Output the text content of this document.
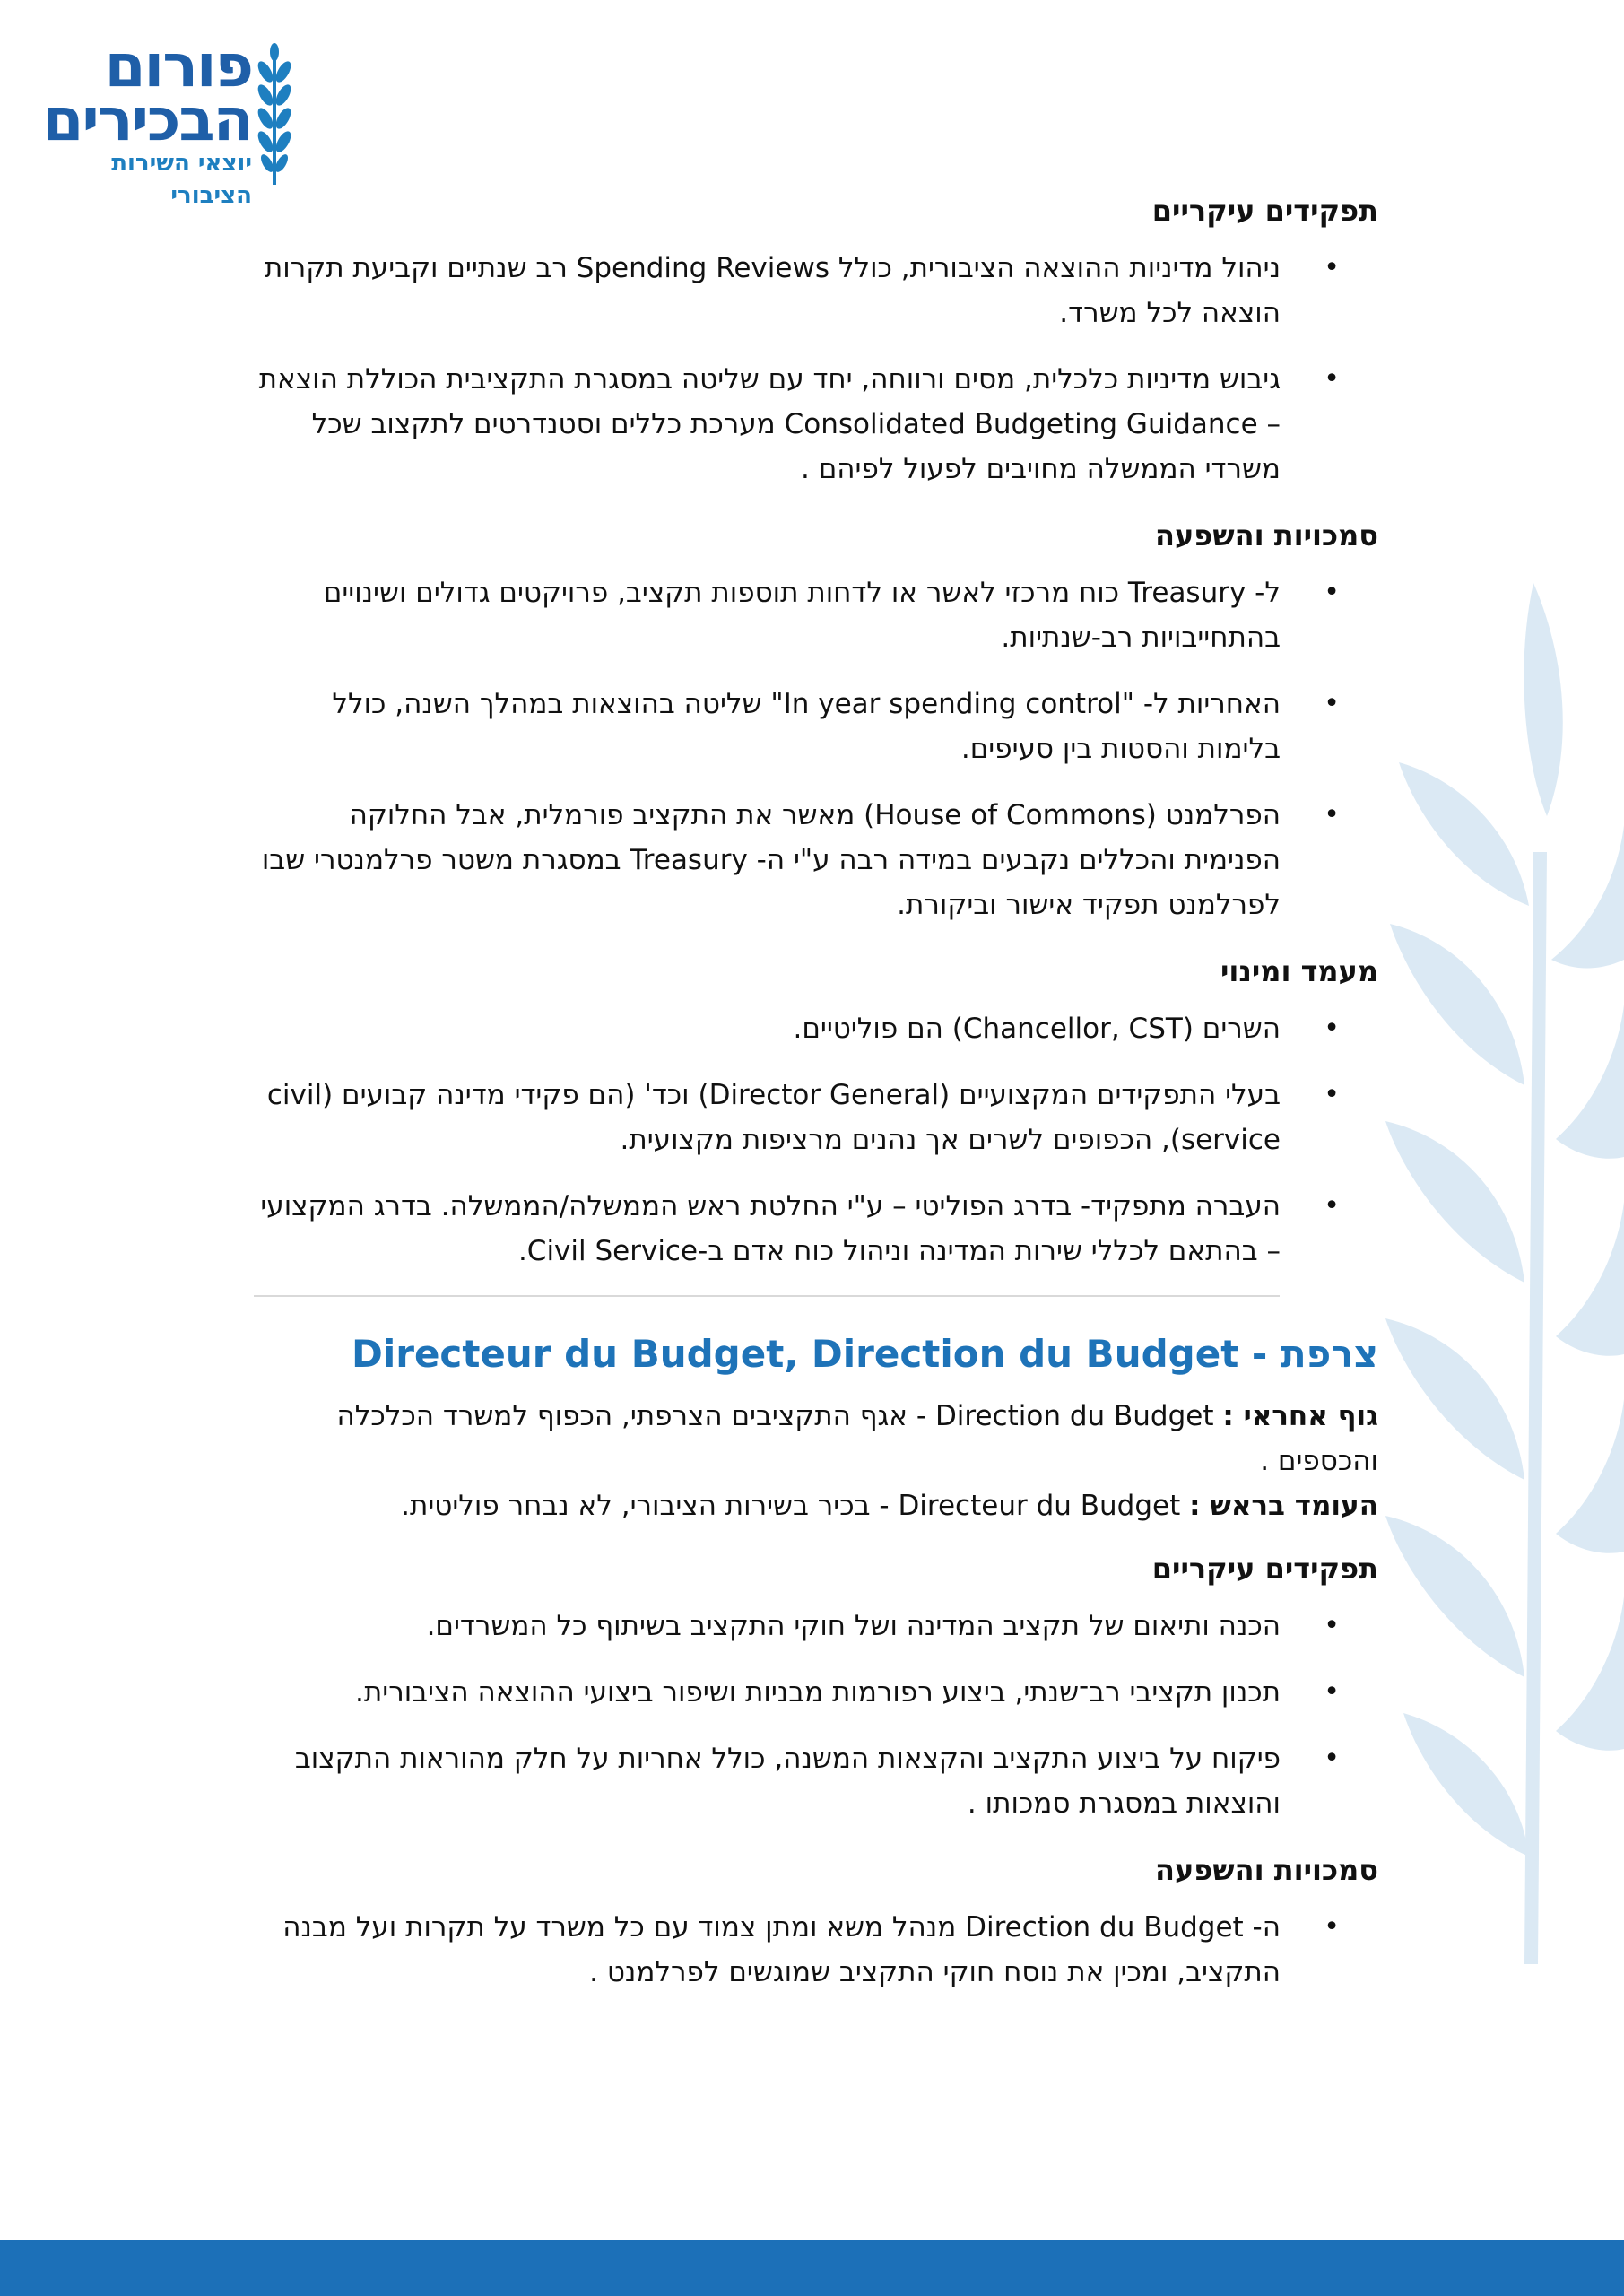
פורום
הבכירים
יוצאי השירות הציבורי	תפקידים עיקריים
• ניהול מדיניות ההוצאה הציבורית, כולל Spending Reviews רב שנתיים וקביעת תקרות הוצאה לכל משרד.
• גיבוש מדיניות כלכלית, מסים ורווחה, יחד עם שליטה במסגרת התקציבית הכוללת הוצאת – Consolidated Budgeting Guidance מערכת כללים וסטנדרטים לתקצוב שכל משרדי הממשלה מחויבים לפעול לפיהם .
סמכויות והשפעה
• ל- Treasury כוח מרכזי לאשר או לדחות תוספות תקציב, פרויקטים גדולים ושינויים בהתחייבויות רב-שנתיות.
• האחריות ל- "In year spending control" שליטה בהוצאות במהלך השנה, כולל בלימות והסטות בין סעיפים.
• הפרלמנט (House of Commons) מאשר את התקציב פורמלית, אבל החלוקה הפנימית והכללים נקבעים במידה רבה ע"י ה- Treasury במסגרת משטר פרלמנטרי שבו לפרלמנט תפקיד אישור וביקורת.
מעמד ומינוי
• השרים (Chancellor, CST) הם פוליטיים.
• בעלי התפקידים המקצועיים (Director General) וכד' (הם פקידי מדינה קבועים (civil service), הכפופים לשרים אך נהנים מרציפות מקצועית.
• העברה מתפקיד- בדרג הפוליטי – ע"י החלטת ראש הממשלה/הממשלה. בדרג המקצועי – בהתאם לכללי שירות המדינה וניהול כוח אדם ב-Civil Service.
צרפת - Directeur du Budget, Direction du Budget

גוף אחראי : Direction du Budget - אגף התקציבים הצרפתי, הכפוף למשרד הכלכלה והכספים .

העומד בראש : Directeur du Budget - בכיר בשירות הציבורי, לא נבחר פוליטית.

תפקידים עיקריים
• הכנה ותיאום של תקציב המדינה ושל חוקי התקציב בשיתוף כל המשרדים.
• תכנון תקציבי רב־שנתי, ביצוע רפורמות מבניות ושיפור ביצועי ההוצאה הציבורית.
• פיקוח על ביצוע התקציב והקצאות המשנה, כולל אחריות על חלק מהוראות התקצוב והוצאות במסגרת סמכותו .
סמכויות והשפעה
• ה- Direction du Budget מנהל משא ומתן צמוד עם כל משרד על תקרות ועל מבנה התקציב, ומכין את נוסח חוקי התקציב שמוגשים לפרלמנט .
